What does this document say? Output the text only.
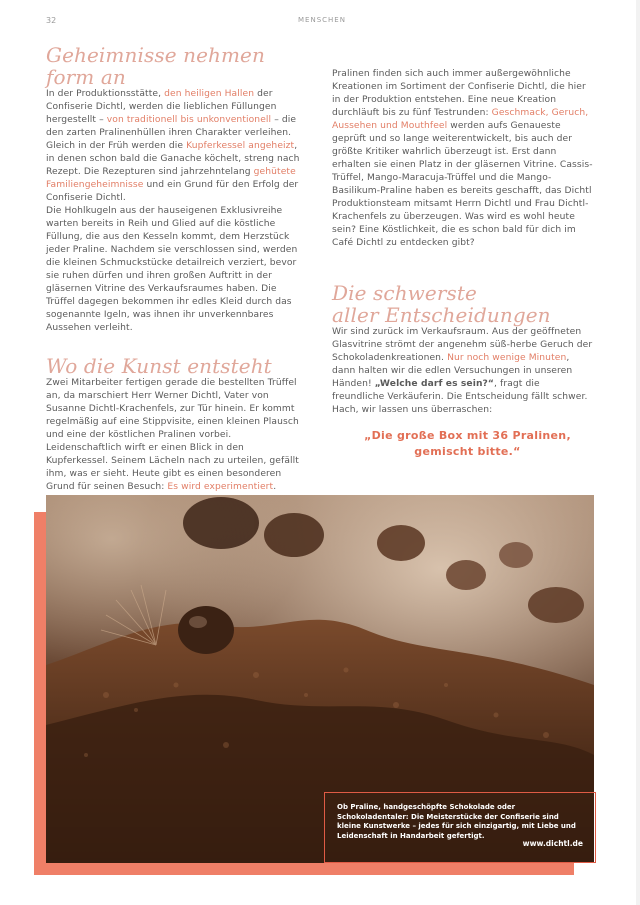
32	MENSCHEN
Geheimnisse nehmen form an

In der Produktionsstätte, den heiligen Hallen der Confiserie Dichtl, werden die lieblichen Füllungen hergestellt – von traditionell bis unkonventionell – die den zarten Pralinenhüllen ihren Charakter verleihen. Gleich in der Früh werden die Kupferkessel angeheizt, in denen schon bald die Ganache köchelt, streng nach Rezept. Die Rezepturen sind jahrzehntelang gehütete Familiengeheimnisse und ein Grund für den Erfolg der Confiserie Dichtl.

Die Hohlkugeln aus der hauseigenen Exklusivreihe warten bereits in Reih und Glied auf die köstliche Füllung, die aus den Kesseln kommt, dem Herzstück jeder Praline. Nachdem sie verschlossen sind, werden die kleinen Schmuckstücke detailreich verziert, bevor sie ruhen dürfen und ihren großen Auftritt in der gläsernen Vitrine des Verkaufsraumes haben. Die Trüffel dagegen bekommen ihr edles Kleid durch das sogenannte Igeln, was ihnen ihr unverkennbares Aussehen verleiht.

Wo die Kunst entsteht

Zwei Mitarbeiter fertigen gerade die bestellten Trüffel an, da marschiert Herr Werner Dichtl, Vater von Susanne Dichtl-Krachenfels, zur Tür hinein. Er kommt regelmäßig auf eine Stippvisite, einen kleinen Plausch und eine der köstlichen Pralinen vorbei. Leidenschaftlich wirft er einen Blick in den Kupferkessel. Seinem Lächeln nach zu urteilen, gefällt ihm, was er sieht. Heute gibt es einen besonderen Grund für seinen Besuch: Es wird experimentiert.

Pralinen finden sich auch immer außergewöhnliche Kreationen im Sortiment der Confiserie Dichtl, die hier in der Produktion entstehen. Eine neue Kreation durchläuft bis zu fünf Testrunden: Geschmack, Geruch, Aussehen und Mouthfeel werden aufs Genaueste geprüft und so lange weiterentwickelt, bis auch der größte Kritiker wahrlich überzeugt ist. Erst dann erhalten sie einen Platz in der gläsernen Vitrine. Cassis-Trüffel, Mango-Maracuja-Trüffel und die Mango-Basilikum-Praline haben es bereits geschafft, das Dichtl Produktionsteam mitsamt Herrn Dichtl und Frau Dichtl-Krachenfels zu überzeugen. Was wird es wohl heute sein? Eine Köstlichkeit, die es schon bald für dich im Café Dichtl zu entdecken gibt?

Die schwerste
aller Entscheidungen

Wir sind zurück im Verkaufsraum. Aus der geöffneten Glasvitrine strömt der angenehm süß-herbe Geruch der Schokoladenkreationen. Nur noch wenige Minuten, dann halten wir die edlen Versuchungen in unseren Händen! „Welche darf es sein?“, fragt die freundliche Verkäuferin. Die Entscheidung fällt schwer. Hach, wir lassen uns überraschen:

„Die große Box mit 36 Pralinen, gemischt bitte.“
Ob Praline, handgeschöpfte Schokolade oder Schokoladentaler: Die Meisterstücke der Confiserie sind kleine Kunstwerke – jedes für sich einzigartig, mit Liebe und Leidenschaft in Handarbeit gefertigt.
www.dichtl.de
